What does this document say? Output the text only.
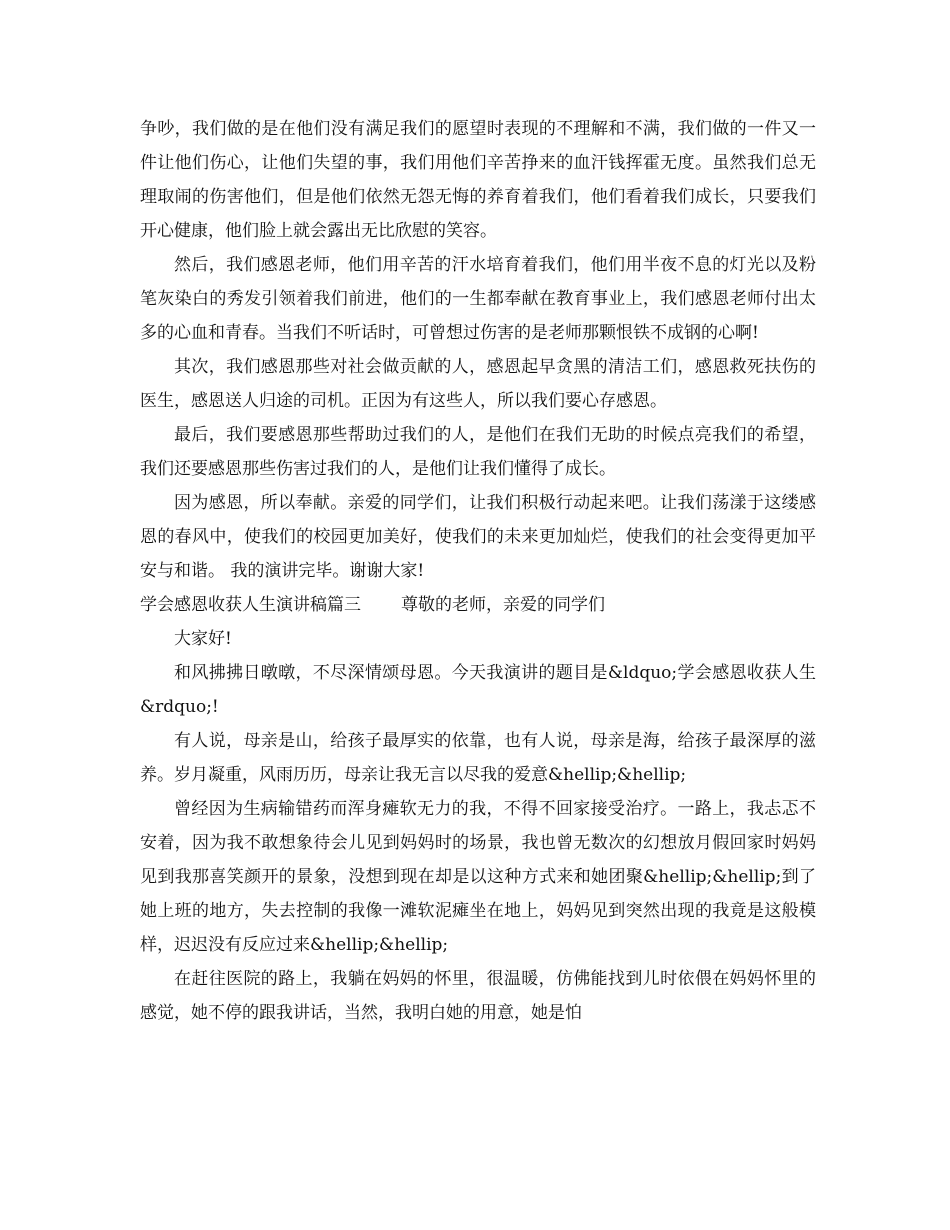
争吵，我们做的是在他们没有满足我们的愿望时表现的不理解和不满，我们做的一件又一件让他们伤心，让他们失望的事，我们用他们辛苦挣来的血汗钱挥霍无度。虽然我们总无理取闹的伤害他们，但是他们依然无怨无悔的养育着我们，他们看着我们成长，只要我们开心健康，他们脸上就会露出无比欣慰的笑容。

然后，我们感恩老师，他们用辛苦的汗水培育着我们，他们用半夜不息的灯光以及粉笔灰染白的秀发引领着我们前进，他们的一生都奉献在教育事业上，我们感恩老师付出太多的心血和青春。当我们不听话时，可曾想过伤害的是老师那颗恨铁不成钢的心啊!

其次，我们感恩那些对社会做贡献的人，感恩起早贪黑的清洁工们，感恩救死扶伤的医生，感恩送人归途的司机。正因为有这些人，所以我们要心存感恩。

最后，我们要感恩那些帮助过我们的人，是他们在我们无助的时候点亮我们的希望，我们还要感恩那些伤害过我们的人，是他们让我们懂得了成长。

因为感恩，所以奉献。亲爱的同学们，让我们积极行动起来吧。让我们荡漾于这缕感恩的春风中，使我们的校园更加美好，使我们的未来更加灿烂，使我们的社会变得更加平安与和谐。 我的演讲完毕。谢谢大家!

学会感恩收获人生演讲稿篇三 尊敬的老师，亲爱的同学们

大家好!

和风拂拂日暾暾，不尽深情颂母恩。今天我演讲的题目是&ldquo;学会感恩收获人生&rdquo;!

有人说，母亲是山，给孩子最厚实的依靠，也有人说，母亲是海，给孩子最深厚的滋养。岁月凝重，风雨历历，母亲让我无言以尽我的爱意&hellip;&hellip;

曾经因为生病输错药而浑身瘫软无力的我，不得不回家接受治疗。一路上，我忐忑不安着，因为我不敢想象待会儿见到妈妈时的场景，我也曾无数次的幻想放月假回家时妈妈见到我那喜笑颜开的景象，没想到现在却是以这种方式来和她团聚&hellip;&hellip;到了她上班的地方，失去控制的我像一滩软泥瘫坐在地上，妈妈见到突然出现的我竟是这般模样，迟迟没有反应过来&hellip;&hellip;

在赶往医院的路上，我躺在妈妈的怀里，很温暖，仿佛能找到儿时依偎在妈妈怀里的感觉，她不停的跟我讲话，当然，我明白她的用意，她是怕
